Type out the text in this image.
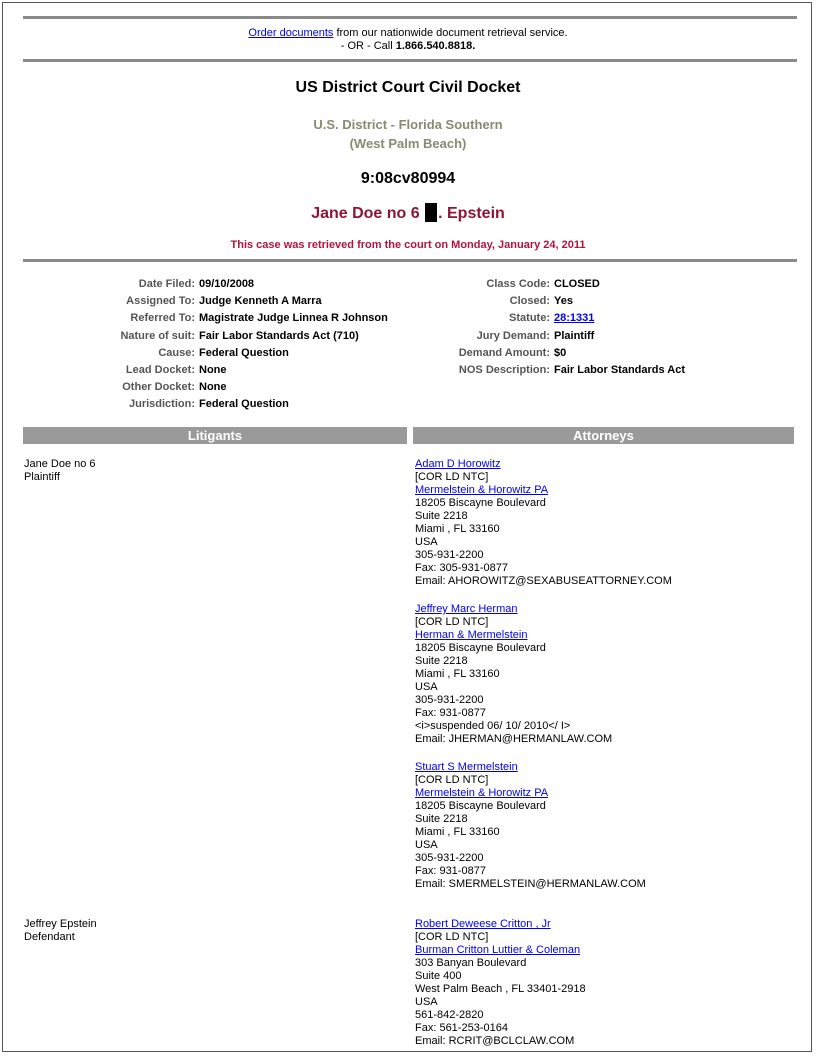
Order documents from our nationwide document retrieval service.
- OR - Call 1.866.540.8818.
US District Court Civil Docket
U.S. District - Florida Southern
(West Palm Beach)
9:08cv80994
Jane Doe no 6 . Epstein
This case was retrieved from the court on Monday, January 24, 2011
Date Filed: 09/10/2008
Assigned To: Judge Kenneth A Marra
Referred To: Magistrate Judge Linnea R Johnson
Nature of suit: Fair Labor Standards Act (710)
Cause: Federal Question
Lead Docket: None
Other Docket: None
Jurisdiction: Federal Question
Class Code: CLOSED
Closed: Yes
Statute: 28:1331
Jury Demand: Plaintiff
Demand Amount: $0
NOS Description: Fair Labor Standards Act
Litigants	Attorneys
Jane Doe no 6
Plaintiff
Jeffrey Epstein
Defendant
Adam D Horowitz
[COR LD NTC]
Mermelstein & Horowitz PA
18205 Biscayne Boulevard
Suite 2218
Miami , FL 33160
USA
305-931-2200
Fax: 305-931-0877
Email: AHOROWITZ@SEXABUSEATTORNEY.COM
Jeffrey Marc Herman
[COR LD NTC]
Herman & Mermelstein
18205 Biscayne Boulevard
Suite 2218
Miami , FL 33160
USA
305-931-2200
Fax: 931-0877
<i>suspended 06/ 10/ 2010</ I>
Email: JHERMAN@HERMANLAW.COM
Stuart S Mermelstein
[COR LD NTC]
Mermelstein & Horowitz PA
18205 Biscayne Boulevard
Suite 2218
Miami , FL 33160
USA
305-931-2200
Fax: 931-0877
Email: SMERMELSTEIN@HERMANLAW.COM
Robert Deweese Critton , Jr
[COR LD NTC]
Burman Critton Luttier & Coleman
303 Banyan Boulevard
Suite 400
West Palm Beach , FL 33401-2918
USA
561-842-2820
Fax: 561-253-0164
Email: RCRIT@BCLCLAW.COM
